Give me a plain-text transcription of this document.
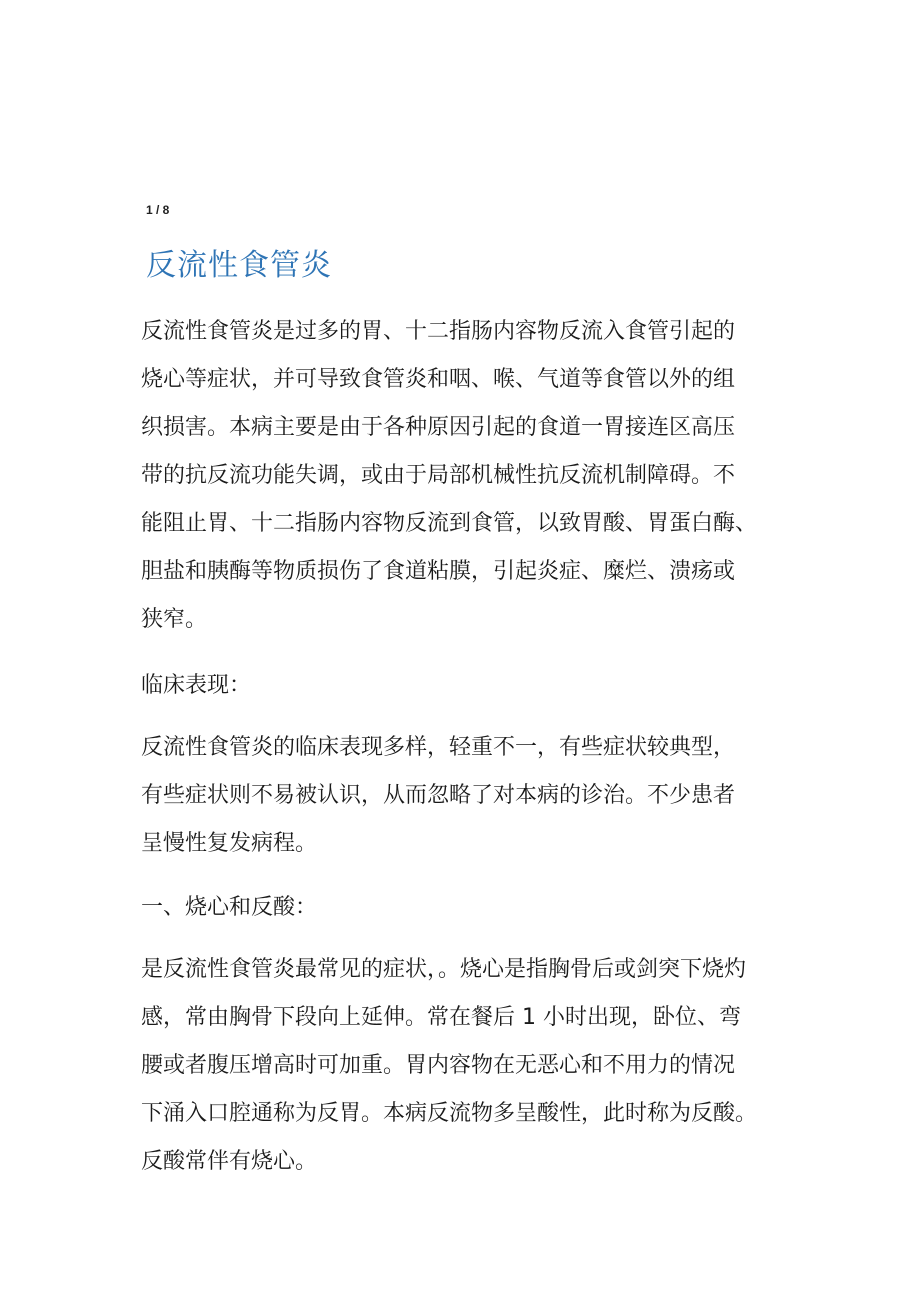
1 / 8
反流性食管炎

反流性食管炎是过多的胃、十二指肠内容物反流入食管引起的
烧心等症状，并可导致食管炎和咽、喉、气道等食管以外的组
织损害。本病主要是由于各种原因引起的食道一胃接连区高压
带的抗反流功能失调，或由于局部机械性抗反流机制障碍。不
能阻止胃、十二指肠内容物反流到食管，以致胃酸、胃蛋白酶、
胆盐和胰酶等物质损伤了食道粘膜，引起炎症、糜烂、溃疡或
狭窄。

临床表现：

反流性食管炎的临床表现多样，轻重不一，有些症状较典型，
有些症状则不易被认识，从而忽略了对本病的诊治。不少患者
呈慢性复发病程。

一、烧心和反酸：

是反流性食管炎最常见的症状，。烧心是指胸骨后或剑突下烧灼
感，常由胸骨下段向上延伸。常在餐后 1 小时出现，卧位、弯
腰或者腹压增高时可加重。胃内容物在无恶心和不用力的情况
下涌入口腔通称为反胃。本病反流物多呈酸性，此时称为反酸。
反酸常伴有烧心。
